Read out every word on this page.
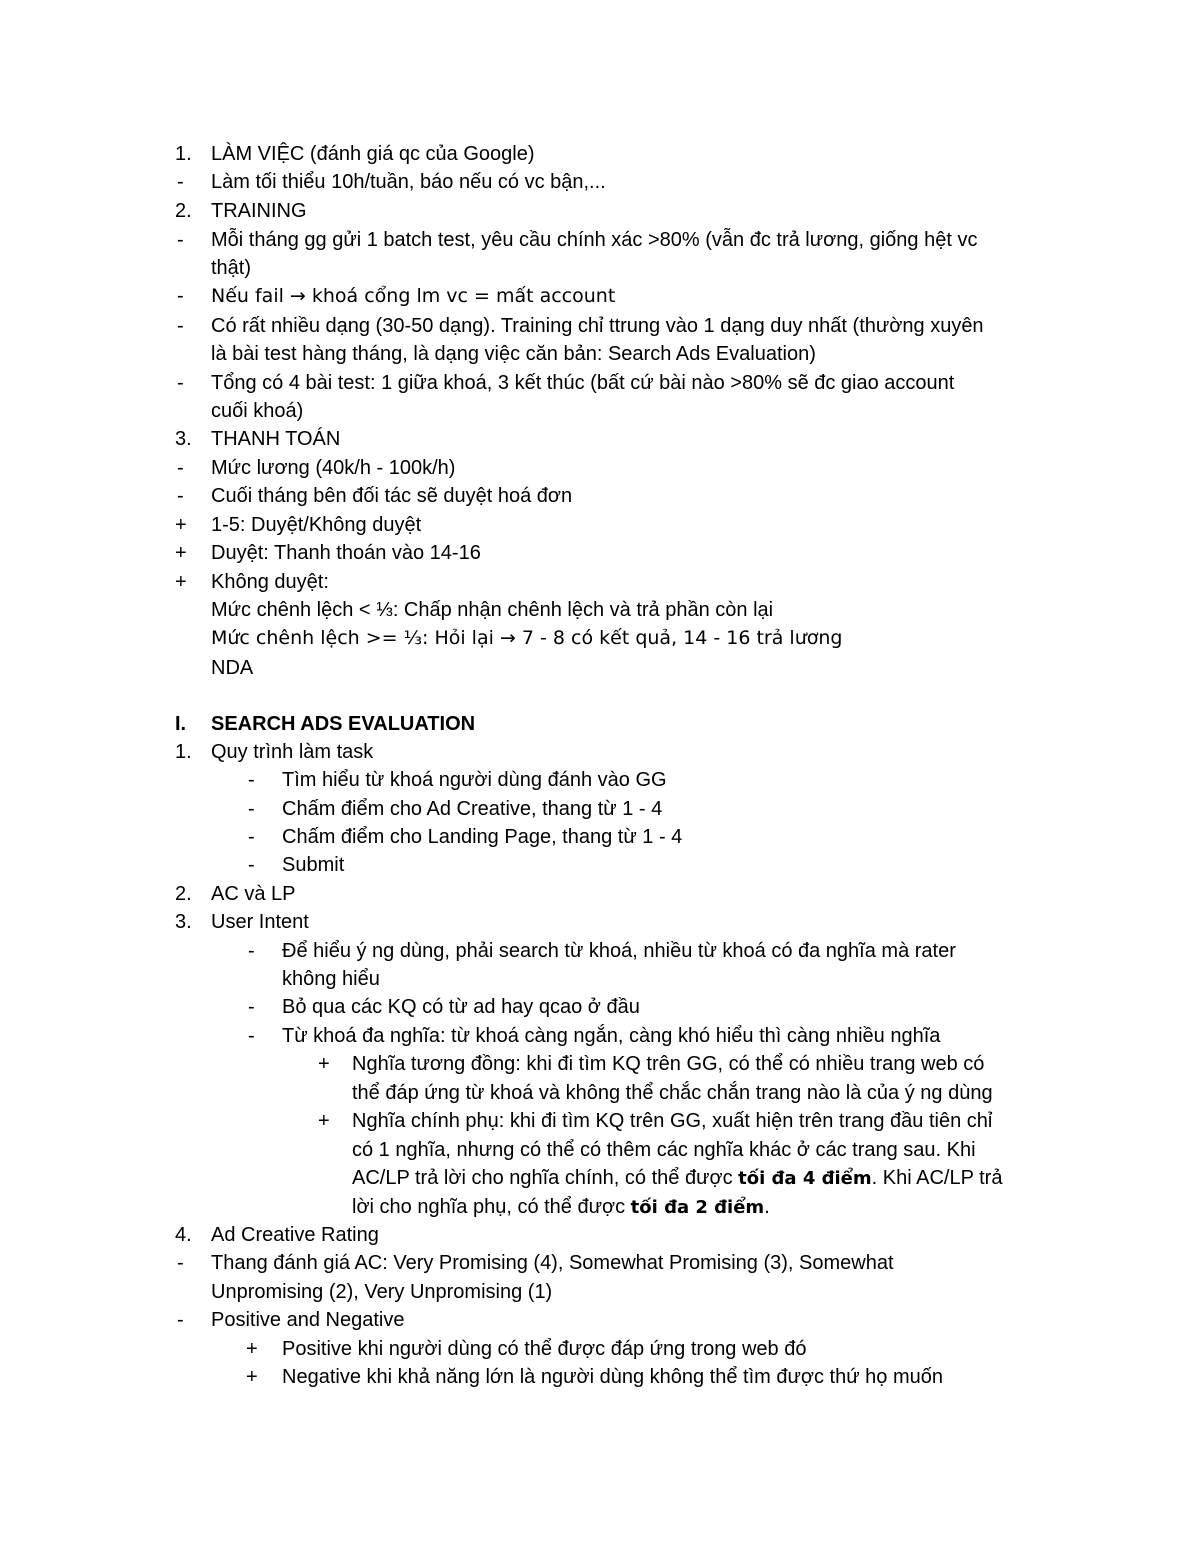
1. LÀM VIỆC (đánh giá qc của Google)
- Làm tối thiểu 10h/tuần, báo nếu có vc bận,...
2. TRAINING
- Mỗi tháng gg gửi 1 batch test, yêu cầu chính xác >80% (vẫn đc trả lương, giống hệt vc
thật)
- Nếu fail → khoá cổng lm vc = mất account
- Có rất nhiều dạng (30-50 dạng). Training chỉ ttrung vào 1 dạng duy nhất (thường xuyên
là bài test hàng tháng, là dạng việc căn bản: Search Ads Evaluation)
- Tổng có 4 bài test: 1 giữa khoá, 3 kết thúc (bất cứ bài nào >80% sẽ đc giao account
cuối khoá)
3. THANH TOÁN
- Mức lương (40k/h - 100k/h)
- Cuối tháng bên đối tác sẽ duyệt hoá đơn
+ 1-5: Duyệt/Không duyệt
+ Duyệt: Thanh thoán vào 14-16
+ Không duyệt:
Mức chênh lệch < ⅓: Chấp nhận chênh lệch và trả phần còn lại
Mức chênh lệch >= ⅓: Hỏi lại → 7 - 8 có kết quả, 14 - 16 trả lương
NDA
I. SEARCH ADS EVALUATION
1. Quy trình làm task
- Tìm hiểu từ khoá người dùng đánh vào GG
- Chấm điểm cho Ad Creative, thang từ 1 - 4
- Chấm điểm cho Landing Page, thang từ 1 - 4
- Submit
2. AC và LP
3. User Intent
- Để hiểu ý ng dùng, phải search từ khoá, nhiều từ khoá có đa nghĩa mà rater
không hiểu
- Bỏ qua các KQ có từ ad hay qcao ở đầu
- Từ khoá đa nghĩa: từ khoá càng ngắn, càng khó hiểu thì càng nhiều nghĩa
+ Nghĩa tương đồng: khi đi tìm KQ trên GG, có thể có nhiều trang web có
thể đáp ứng từ khoá và không thể chắc chắn trang nào là của ý ng dùng
+ Nghĩa chính phụ: khi đi tìm KQ trên GG, xuất hiện trên trang đầu tiên chỉ
có 1 nghĩa, nhưng có thể có thêm các nghĩa khác ở các trang sau. Khi
AC/LP trả lời cho nghĩa chính, có thể được tối đa 4 điểm. Khi AC/LP trả
lời cho nghĩa phụ, có thể được tối đa 2 điểm.
4. Ad Creative Rating
- Thang đánh giá AC: Very Promising (4), Somewhat Promising (3), Somewhat
Unpromising (2), Very Unpromising (1)
- Positive and Negative
+ Positive khi người dùng có thể được đáp ứng trong web đó
+ Negative khi khả năng lớn là người dùng không thể tìm được thứ họ muốn
